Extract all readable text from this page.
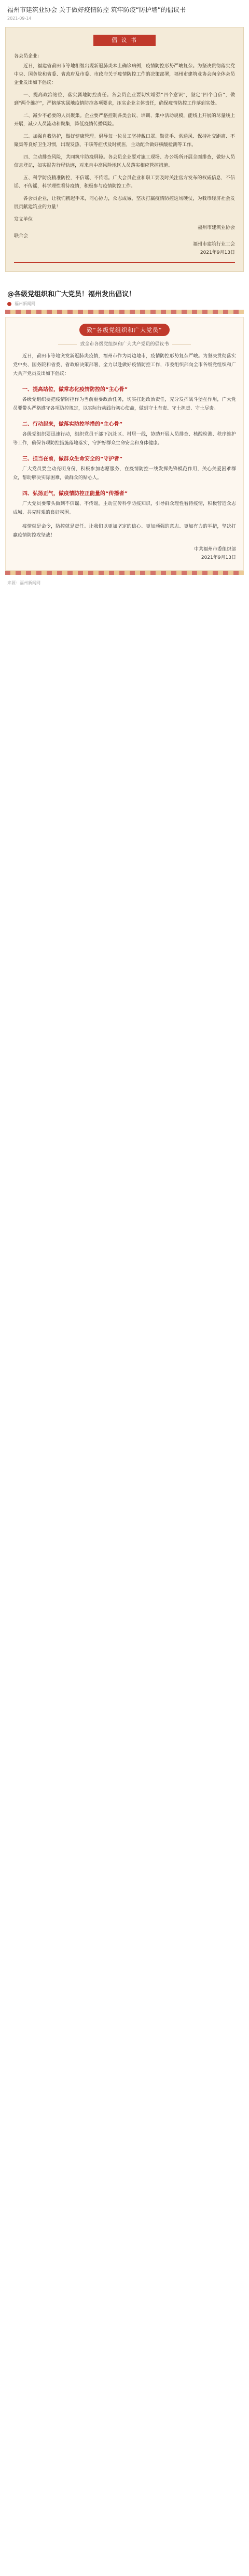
福州市建筑业协会 关于做好疫情防控 筑牢防疫“防护墙”的倡议书
2021-09-14
倡 议 书
各会员企业：

近日，福建省莆田市等地相继出现新冠肺炎本土确诊病例，疫情防控形势严峻复杂。为坚决贯彻落实党中央、国务院和省委、省政府及市委、市政府关于疫情防控工作的决策部署，福州市建筑业协会向全体会员企业发出如下倡议：

一、提高政治站位，落实属地防控责任。各会员企业要切实增强“四个意识”，坚定“四个自信”，做到“两个维护”，严格落实属地疫情防控各项要求，压实企业主体责任，确保疫情防控工作落到实处。

二、减少不必要的人员聚集。企业要严格控制各类会议、培训、集中活动规模，能线上开展的尽量线上开展，减少人员流动和聚集，降低疫情传播风险。

三、加强自我防护，做好健康管理。倡导每一位员工坚持戴口罩、勤洗手、常通风、保持社交距离、不聚集等良好卫生习惯，出现发热、干咳等症状及时就医，主动配合做好核酸检测等工作。

四、主动排查风险，共同筑牢防疫屏障。各会员企业要对施工现场、办公场所开展全面排查，做好人员信息登记，如实报告行程轨迹，对来自中高风险地区人员落实相应管控措施。

五、科学防疫精准防控，不信谣、不传谣。广大会员企业和职工要及时关注官方发布的权威信息，不信谣、不传谣，科学理性看待疫情，积极参与疫情防控工作。

各会员企业，让我们携起手来，同心协力，众志成城，坚决打赢疫情防控这场硬仗，为我市经济社会发展贡献建筑业的力量！

发文单位
福州市建筑业协会
联合会
福州市建筑行业工会
2021年9月13日
@各级党组织和广大党员！福州发出倡议！
福州新闻网
致“各级党组织和广大党员”
致全市各级党组织和广大共产党员的倡议书

近日，莆田市等地突发新冠肺炎疫情，福州市作为周边地市，疫情防控形势复杂严峻。为坚决贯彻落实党中央、国务院和省委、省政府决策部署，全力以赴做好疫情防控工作，市委组织部向全市各级党组织和广大共产党员发出如下倡议：

一、提高站位，做常态化疫情防控的“主心骨”

各级党组织要把疫情防控作为当前重要政治任务，切实扛起政治责任，充分发挥战斗堡垒作用，广大党员要带头严格遵守各项防控规定，以实际行动践行初心使命，做到守土有责、守土担责、守土尽责。

二、行动起来，做落实防控举措的“主心骨”

各级党组织要迅速行动，组织党员干部下沉社区、村居一线，协助开展人员排查、核酸检测、秩序维护等工作，确保各项防控措施落地落实，守护好群众生命安全和身体健康。

三、担当在前，做群众生命安全的“守护者”

广大党员要主动亮明身份，积极参加志愿服务，在疫情防控一线发挥先锋模范作用，关心关爱困难群众，帮助解决实际困难，做群众的贴心人。

四、弘扬正气，做疫情防控正能量的“传播者”

广大党员要带头做到不信谣、不传谣，主动宣传科学防疫知识，引导群众理性看待疫情，积极营造众志成城、共克时艰的良好氛围。

疫情就是命令，防控就是责任。让我们以更加坚定的信心、更加顽强的意志、更加有力的举措，坚决打赢疫情防控攻坚战！

中共福州市委组织部
2021年9月13日
来源：福州新闻网
